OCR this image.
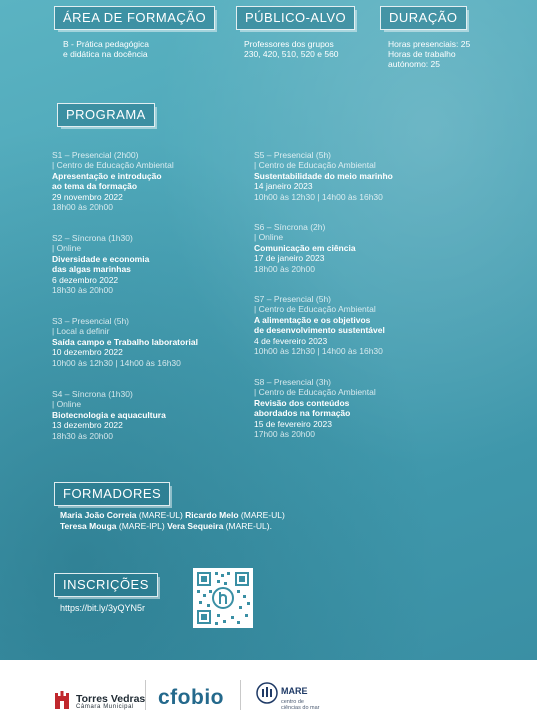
ÁREA DE FORMAÇÃO	PÚBLICO-ALVO	DURAÇÃO
B - Prática pedagógica
e didática na docência
Professores dos grupos
230, 420, 510, 520 e 560
Horas presenciais: 25
Horas de trabalho
autónomo: 25
PROGRAMA
S1 – Presencial (2h00)
| Centro de Educação Ambiental
Apresentação e introdução
ao tema da formação
29 novembro 2022
18h00 às 20h00
S2 – Síncrona (1h30)
| Online
Diversidade e economia
das algas marinhas
6 dezembro 2022
18h30 às 20h00
S3 – Presencial (5h)
| Local a definir
Saída campo e Trabalho laboratorial
10 dezembro 2022
10h00 às 12h30 | 14h00 às 16h30
S4 – Síncrona (1h30)
| Online
Biotecnologia e aquacultura
13 dezembro 2022
18h30 às 20h00
S5 – Presencial (5h)
| Centro de Educação Ambiental
Sustentabilidade do meio marinho
14 janeiro 2023
10h00 às 12h30 | 14h00 às 16h30
S6 – Síncrona (2h)
| Online
Comunicação em ciência
17 de janeiro 2023
18h00 às 20h00
S7 – Presencial (5h)
| Centro de Educação Ambiental
A alimentação e os objetivos
de desenvolvimento sustentável
4 de fevereiro 2023
10h00 às 12h30 | 14h00 às 16h30
S8 – Presencial (3h)
| Centro de Educação Ambiental
Revisão dos conteúdos
abordados na formação
15 de fevereiro 2023
17h00 às 20h00
FORMADORES
Maria João Correia (MARE-UL) Ricardo Melo (MARE-UL)
Teresa Mouga (MARE-IPL) Vera Sequeira (MARE-UL).
INSCRIÇÕES
https://bit.ly/3yQYN5r
Torres Vedras
Câmara Municipal cfobio	MARE
centro de
ciências do mar
